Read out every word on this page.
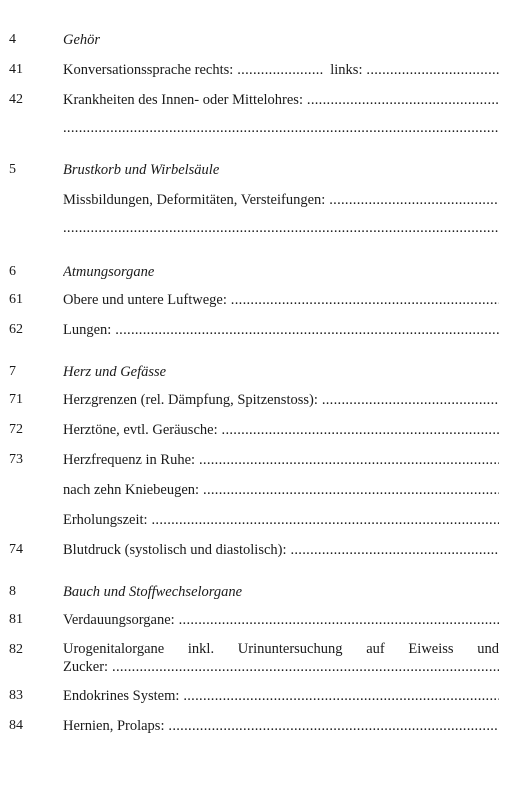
4	Gehör
41	Konversationssprache rechts: .....	links: .....
42	Krankheiten des Innen- oder Mittelohres: .....
.....
5	Brustkorb und Wirbelsäule
Missbildungen, Deformitäten, Versteifungen: .....
.....
6	Atmungsorgane
61	Obere und untere Luftwege: .....
62	Lungen: .....
7	Herz und Gefässe
71	Herzgrenzen (rel. Dämpfung, Spitzenstoss): .....
72	Herztöne, evtl. Geräusche: .....
73	Herzfrequenz in Ruhe: .....
nach zehn Kniebeugen: .....
Erholungszeit: .....
74	Blutdruck (systolisch und diastolisch): .....
8	Bauch und Stoffwechselorgane
81	Verdauungsorgane: .....
82	Urogenitalorgane inkl. Urinuntersuchung auf Eiweiss und
Zucker: .....
83	Endokrines System: .....
84	Hernien, Prolaps: .....
